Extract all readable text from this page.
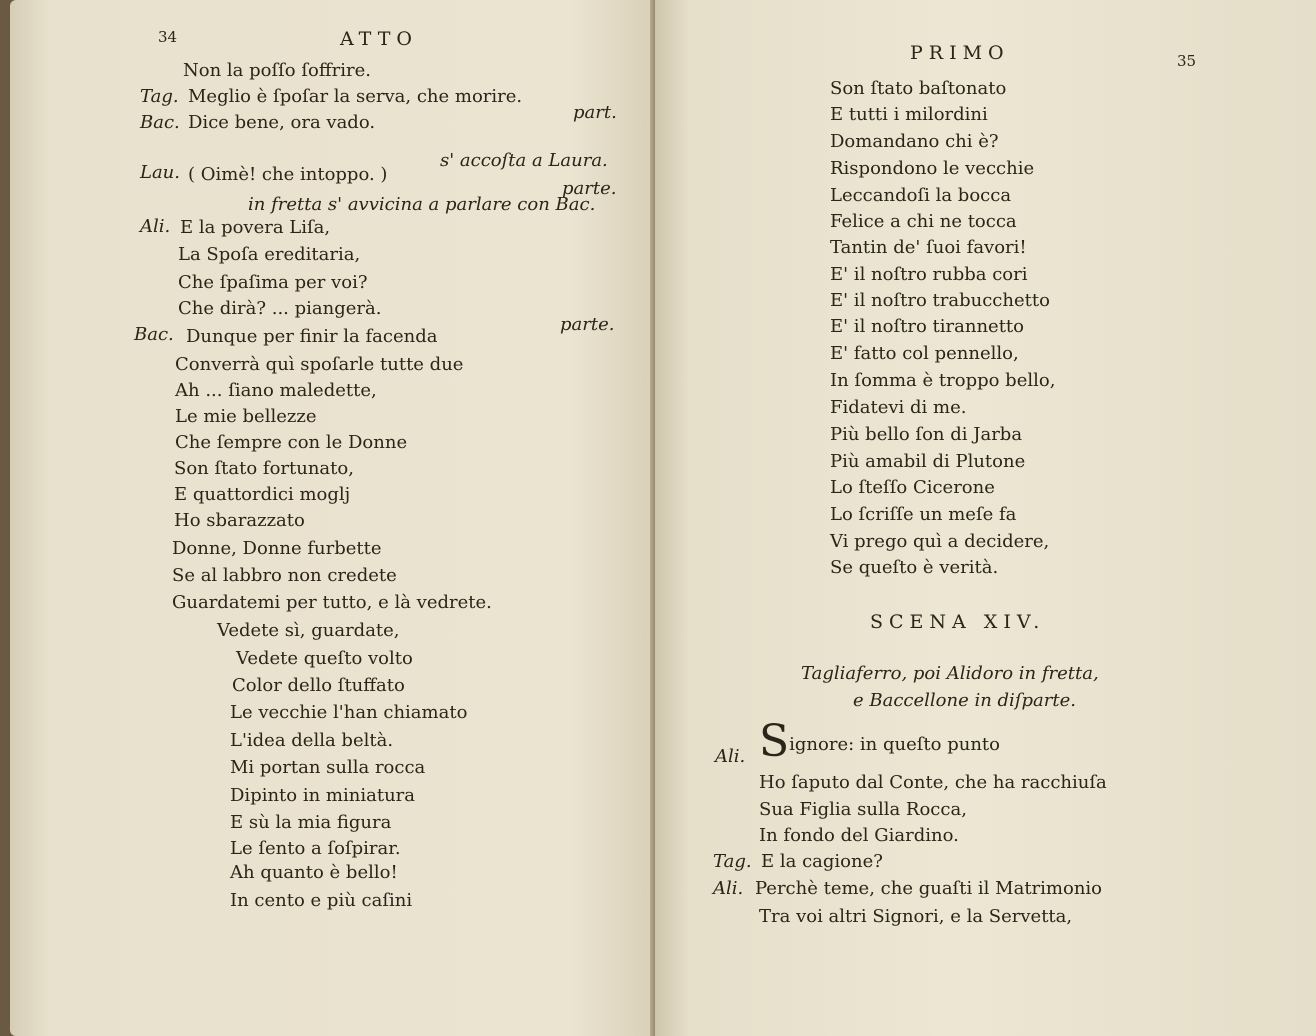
34	ATTO
Non la poſſo ſoffrire.
Tag. Meglio è ſpoſar la serva, che morire.
part.
Bac. Dice bene, ora vado.
s' accoſta a Laura.
Lau. ( Oimè! che intoppo. )
parte.
in fretta s' avvicina a parlare con Bac.
Ali. E la povera Liſa,
La Spoſa ereditaria,
Che ſpaſima per voi?
Che dirà? ... piangerà.
parte.
Bac. Dunque per finir la facenda
Converrà quì spoſarle tutte due
Ah ... ſiano maledette,
Le mie bellezze
Che ſempre con le Donne
Son ſtato fortunato,
E quattordici moglj
Ho sbarazzato
Donne, Donne furbette
Se al labbro non credete
Guardatemi per tutto, e là vedrete.
Vedete sì, guardate,
Vedete queſto volto
Color dello ſtuffato
Le vecchie l'han chiamato
L'idea della beltà.
Mi portan sulla rocca
Dipinto in miniatura
E sù la mia figura
Le ſento a ſoſpirar.
Ah quanto è bello!
In cento e più caſini
PRIMO	35
Son ſtato baſtonato
E tutti i milordini
Domandano chi è?
Rispondono le vecchie
Leccandoſi la bocca
Felice a chi ne tocca
Tantin de' ſuoi favori!
E' il noſtro rubba cori
E' il noſtro trabucchetto
E' il noſtro tirannetto
E' fatto col pennello,
In ſomma è troppo bello,
Fidatevi di me.
Più bello ſon di Jarba
Più amabil di Plutone
Lo ſteſſo Cicerone
Lo ſcriſſe un meſe fa
Vi prego quì a decidere,
Se queſto è verità.
SCENA XIV.
Tagliaferro, poi Alidoro in fretta,
e Baccellone in diſparte.
Ali. Signore: in queſto punto
Ho ſaputo dal Conte, che ha racchiuſa
Sua Figlia sulla Rocca,
In fondo del Giardino.
Tag. E la cagione?
Ali. Perchè teme, che guaſti il Matrimonio
Tra voi altri Signori, e la Servetta,
